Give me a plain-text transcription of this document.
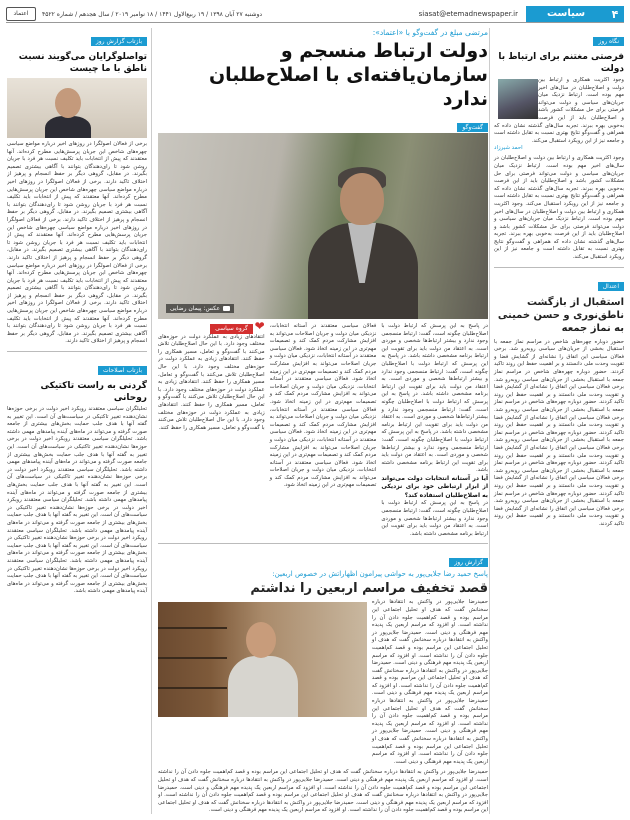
۴
سیاست
siasat@etemadnewspaper.ir
دوشنبه ۲۷ آبان ۱۳۹۸ / ۱۹ ربیع‌الاول ۱۴۴۱ / ۱۸ نوامبر ۲۰۱۹ / سال هجدهم / شماره ۴۵۲۲
اعتماد
نگاه روز
فرصتی مغتنم برای ارتباط با دولت
وجود اکثریت همکاری و ارتباط بین دولت و اصلاح‌طلبان در سال‌های اخیر مهم بوده است. ارتباط نزدیک میان جریان‌های سیاسی و دولت می‌تواند فرصتی برای حل مشکلات کشور باشد و اصلاح‌طلبان باید از این فرصت به‌خوبی بهره ببرند. تجربه سال‌های گذشته نشان داده که همراهی و گفت‌وگو نتایج بهتری نسبت به تقابل داشته است و جامعه نیز از این رویکرد استقبال می‌کند.
احمد شیرزاد
وجود اکثریت همکاری و ارتباط بین دولت و اصلاح‌طلبان در سال‌های اخیر مهم بوده است. ارتباط نزدیک میان جریان‌های سیاسی و دولت می‌تواند فرصتی برای حل مشکلات کشور باشد و اصلاح‌طلبان باید از این فرصت به‌خوبی بهره ببرند. تجربه سال‌های گذشته نشان داده که همراهی و گفت‌وگو نتایج بهتری نسبت به تقابل داشته است و جامعه نیز از این رویکرد استقبال می‌کند. وجود اکثریت همکاری و ارتباط بین دولت و اصلاح‌طلبان در سال‌های اخیر مهم بوده است. ارتباط نزدیک میان جریان‌های سیاسی و دولت می‌تواند فرصتی برای حل مشکلات کشور باشد و اصلاح‌طلبان باید از این فرصت به‌خوبی بهره ببرند. تجربه سال‌های گذشته نشان داده که همراهی و گفت‌وگو نتایج بهتری نسبت به تقابل داشته است و جامعه نیز از این رویکرد استقبال می‌کند.
اعتدال
استقبال از بازگشت ناطق‌نوری و حسن خمینی به نماز جمعه
حضور دوباره چهره‌های شاخص در مراسم نماز جمعه با استقبال بخشی از جریان‌های سیاسی روبه‌رو شد. برخی فعالان سیاسی این اتفاق را نشانه‌ای از گشایش فضا و تقویت وحدت ملی دانستند و بر اهمیت حفظ این روند تاکید کردند. حضور دوباره چهره‌های شاخص در مراسم نماز جمعه با استقبال بخشی از جریان‌های سیاسی روبه‌رو شد. برخی فعالان سیاسی این اتفاق را نشانه‌ای از گشایش فضا و تقویت وحدت ملی دانستند و بر اهمیت حفظ این روند تاکید کردند. حضور دوباره چهره‌های شاخص در مراسم نماز جمعه با استقبال بخشی از جریان‌های سیاسی روبه‌رو شد. برخی فعالان سیاسی این اتفاق را نشانه‌ای از گشایش فضا و تقویت وحدت ملی دانستند و بر اهمیت حفظ این روند تاکید کردند. حضور دوباره چهره‌های شاخص در مراسم نماز جمعه با استقبال بخشی از جریان‌های سیاسی روبه‌رو شد. برخی فعالان سیاسی این اتفاق را نشانه‌ای از گشایش فضا و تقویت وحدت ملی دانستند و بر اهمیت حفظ این روند تاکید کردند. حضور دوباره چهره‌های شاخص در مراسم نماز جمعه با استقبال بخشی از جریان‌های سیاسی روبه‌رو شد. برخی فعالان سیاسی این اتفاق را نشانه‌ای از گشایش فضا و تقویت وحدت ملی دانستند و بر اهمیت حفظ این روند تاکید کردند. حضور دوباره چهره‌های شاخص در مراسم نماز جمعه با استقبال بخشی از جریان‌های سیاسی روبه‌رو شد. برخی فعالان سیاسی این اتفاق را نشانه‌ای از گشایش فضا و تقویت وحدت ملی دانستند و بر اهمیت حفظ این روند تاکید کردند.
مرتضی مبلغ در گفت‌وگو با «اعتماد»:
دولت ارتباط منسجم و سازمان‌یافته‌ای با اصلاح‌طلبان ندارد
گفت‌وگو
عکس: پیمان رضایی
در پاسخ به این پرسش که ارتباط دولت با اصلاح‌طلبان چگونه است، گفت: ارتباط منسجمی وجود ندارد و بیشتر ارتباط‌ها شخصی و موردی است. به اعتقاد من دولت باید برای تقویت این ارتباط برنامه مشخصی داشته باشد. در پاسخ به این پرسش که ارتباط دولت با اصلاح‌طلبان چگونه است، گفت: ارتباط منسجمی وجود ندارد و بیشتر ارتباط‌ها شخصی و موردی است. به اعتقاد من دولت باید برای تقویت این ارتباط برنامه مشخصی داشته باشد. در پاسخ به این پرسش که ارتباط دولت با اصلاح‌طلبان چگونه است، گفت: ارتباط منسجمی وجود ندارد و بیشتر ارتباط‌ها شخصی و موردی است. به اعتقاد من دولت باید برای تقویت این ارتباط برنامه مشخصی داشته باشد. در پاسخ به این پرسش که ارتباط دولت با اصلاح‌طلبان چگونه است، گفت: ارتباط منسجمی وجود ندارد و بیشتر ارتباط‌ها شخصی و موردی است. به اعتقاد من دولت باید برای تقویت این ارتباط برنامه مشخصی داشته باشد.
آیا در آستانه انتخابات دولت می‌تواند از ابزار ارتباطی خود برای نزدیکی به اصلاح‌طلبان استفاده کند؟
در پاسخ به این پرسش که ارتباط دولت با اصلاح‌طلبان چگونه است، گفت: ارتباط منسجمی وجود ندارد و بیشتر ارتباط‌ها شخصی و موردی است. به اعتقاد من دولت باید برای تقویت این ارتباط برنامه مشخصی داشته باشد.
فعالان سیاسی معتقدند در آستانه انتخابات، نزدیکی میان دولت و جریان اصلاحات می‌تواند به افزایش مشارکت مردم کمک کند و تصمیمات مهم‌تری در این زمینه اتخاذ شود. فعالان سیاسی معتقدند در آستانه انتخابات، نزدیکی میان دولت و جریان اصلاحات می‌تواند به افزایش مشارکت مردم کمک کند و تصمیمات مهم‌تری در این زمینه اتخاذ شود. فعالان سیاسی معتقدند در آستانه انتخابات، نزدیکی میان دولت و جریان اصلاحات می‌تواند به افزایش مشارکت مردم کمک کند و تصمیمات مهم‌تری در این زمینه اتخاذ شود. فعالان سیاسی معتقدند در آستانه انتخابات، نزدیکی میان دولت و جریان اصلاحات می‌تواند به افزایش مشارکت مردم کمک کند و تصمیمات مهم‌تری در این زمینه اتخاذ شود. فعالان سیاسی معتقدند در آستانه انتخابات، نزدیکی میان دولت و جریان اصلاحات می‌تواند به افزایش مشارکت مردم کمک کند و تصمیمات مهم‌تری در این زمینه اتخاذ شود. فعالان سیاسی معتقدند در آستانه انتخابات، نزدیکی میان دولت و جریان اصلاحات می‌تواند به افزایش مشارکت مردم کمک کند و تصمیمات مهم‌تری در این زمینه اتخاذ شود.
❤ گروه سیاسی
انتقادهای زیادی به عملکرد دولت در حوزه‌های مختلف وجود دارد. با این حال اصلاح‌طلبان تلاش می‌کنند با گفت‌وگو و تعامل، مسیر همکاری را حفظ کنند. انتقادهای زیادی به عملکرد دولت در حوزه‌های مختلف وجود دارد. با این حال اصلاح‌طلبان تلاش می‌کنند با گفت‌وگو و تعامل، مسیر همکاری را حفظ کنند. انتقادهای زیادی به عملکرد دولت در حوزه‌های مختلف وجود دارد. با این حال اصلاح‌طلبان تلاش می‌کنند با گفت‌وگو و تعامل، مسیر همکاری را حفظ کنند. انتقادهای زیادی به عملکرد دولت در حوزه‌های مختلف وجود دارد. با این حال اصلاح‌طلبان تلاش می‌کنند با گفت‌وگو و تعامل، مسیر همکاری را حفظ کنند.
گزارش روز
پاسخ حمید رضا جلایی‌پور به حواشی پیرامون اظهاراتش در خصوص اربعین:
قصد تخفیف مراسم اربعین را نداشتم
حمیدرضا جلایی‌پور در واکنش به انتقادها درباره سخنانش گفت که هدف او تحلیل اجتماعی این مراسم بوده و قصد کم‌اهمیت جلوه دادن آن را نداشته است. او افزود که مراسم اربعین یک پدیده مهم فرهنگی و دینی است. حمیدرضا جلایی‌پور در واکنش به انتقادها درباره سخنانش گفت که هدف او تحلیل اجتماعی این مراسم بوده و قصد کم‌اهمیت جلوه دادن آن را نداشته است. او افزود که مراسم اربعین یک پدیده مهم فرهنگی و دینی است. حمیدرضا جلایی‌پور در واکنش به انتقادها درباره سخنانش گفت که هدف او تحلیل اجتماعی این مراسم بوده و قصد کم‌اهمیت جلوه دادن آن را نداشته است. او افزود که مراسم اربعین یک پدیده مهم فرهنگی و دینی است. حمیدرضا جلایی‌پور در واکنش به انتقادها درباره سخنانش گفت که هدف او تحلیل اجتماعی این مراسم بوده و قصد کم‌اهمیت جلوه دادن آن را نداشته است. او افزود که مراسم اربعین یک پدیده مهم فرهنگی و دینی است. حمیدرضا جلایی‌پور در واکنش به انتقادها درباره سخنانش گفت که هدف او تحلیل اجتماعی این مراسم بوده و قصد کم‌اهمیت جلوه دادن آن را نداشته است. او افزود که مراسم اربعین یک پدیده مهم فرهنگی و دینی است.
حمیدرضا جلایی‌پور در واکنش به انتقادها درباره سخنانش گفت که هدف او تحلیل اجتماعی این مراسم بوده و قصد کم‌اهمیت جلوه دادن آن را نداشته است. او افزود که مراسم اربعین یک پدیده مهم فرهنگی و دینی است. حمیدرضا جلایی‌پور در واکنش به انتقادها درباره سخنانش گفت که هدف او تحلیل اجتماعی این مراسم بوده و قصد کم‌اهمیت جلوه دادن آن را نداشته است. او افزود که مراسم اربعین یک پدیده مهم فرهنگی و دینی است. حمیدرضا جلایی‌پور در واکنش به انتقادها درباره سخنانش گفت که هدف او تحلیل اجتماعی این مراسم بوده و قصد کم‌اهمیت جلوه دادن آن را نداشته است. او افزود که مراسم اربعین یک پدیده مهم فرهنگی و دینی است. حمیدرضا جلایی‌پور در واکنش به انتقادها درباره سخنانش گفت که هدف او تحلیل اجتماعی این مراسم بوده و قصد کم‌اهمیت جلوه دادن آن را نداشته است. او افزود که مراسم اربعین یک پدیده مهم فرهنگی و دینی است.
بازتاب گزارش روز
تواصلوگرایان می‌گویند نسبت ناطق با ما چیست
برخی از فعالان اصولگرا در روزهای اخیر درباره مواضع سیاسی چهره‌های شاخص این جریان پرسش‌هایی مطرح کرده‌اند. آنها معتقدند که پیش از انتخابات باید تکلیف نسبت هر فرد با جریان روشن شود تا رای‌دهندگان بتوانند با آگاهی بیشتری تصمیم بگیرند. در مقابل، گروهی دیگر بر حفظ انسجام و پرهیز از اختلاف تاکید دارند. برخی از فعالان اصولگرا در روزهای اخیر درباره مواضع سیاسی چهره‌های شاخص این جریان پرسش‌هایی مطرح کرده‌اند. آنها معتقدند که پیش از انتخابات باید تکلیف نسبت هر فرد با جریان روشن شود تا رای‌دهندگان بتوانند با آگاهی بیشتری تصمیم بگیرند. در مقابل، گروهی دیگر بر حفظ انسجام و پرهیز از اختلاف تاکید دارند. برخی از فعالان اصولگرا در روزهای اخیر درباره مواضع سیاسی چهره‌های شاخص این جریان پرسش‌هایی مطرح کرده‌اند. آنها معتقدند که پیش از انتخابات باید تکلیف نسبت هر فرد با جریان روشن شود تا رای‌دهندگان بتوانند با آگاهی بیشتری تصمیم بگیرند. در مقابل، گروهی دیگر بر حفظ انسجام و پرهیز از اختلاف تاکید دارند. برخی از فعالان اصولگرا در روزهای اخیر درباره مواضع سیاسی چهره‌های شاخص این جریان پرسش‌هایی مطرح کرده‌اند. آنها معتقدند که پیش از انتخابات باید تکلیف نسبت هر فرد با جریان روشن شود تا رای‌دهندگان بتوانند با آگاهی بیشتری تصمیم بگیرند. در مقابل، گروهی دیگر بر حفظ انسجام و پرهیز از اختلاف تاکید دارند. برخی از فعالان اصولگرا در روزهای اخیر درباره مواضع سیاسی چهره‌های شاخص این جریان پرسش‌هایی مطرح کرده‌اند. آنها معتقدند که پیش از انتخابات باید تکلیف نسبت هر فرد با جریان روشن شود تا رای‌دهندگان بتوانند با آگاهی بیشتری تصمیم بگیرند. در مقابل، گروهی دیگر بر حفظ انسجام و پرهیز از اختلاف تاکید دارند.
بازتاب اصلاحات
گردنی به راست تاکتیکی روحانی
تحلیلگران سیاسی معتقدند رویکرد اخیر دولت در برخی حوزه‌ها نشان‌دهنده تغییر تاکتیکی در سیاست‌های آن است. این تغییر به گفته آنها با هدف جلب حمایت بخش‌های بیشتری از جامعه صورت گرفته و می‌تواند در ماه‌های آینده پیامدهای مهمی داشته باشد. تحلیلگران سیاسی معتقدند رویکرد اخیر دولت در برخی حوزه‌ها نشان‌دهنده تغییر تاکتیکی در سیاست‌های آن است. این تغییر به گفته آنها با هدف جلب حمایت بخش‌های بیشتری از جامعه صورت گرفته و می‌تواند در ماه‌های آینده پیامدهای مهمی داشته باشد. تحلیلگران سیاسی معتقدند رویکرد اخیر دولت در برخی حوزه‌ها نشان‌دهنده تغییر تاکتیکی در سیاست‌های آن است. این تغییر به گفته آنها با هدف جلب حمایت بخش‌های بیشتری از جامعه صورت گرفته و می‌تواند در ماه‌های آینده پیامدهای مهمی داشته باشد. تحلیلگران سیاسی معتقدند رویکرد اخیر دولت در برخی حوزه‌ها نشان‌دهنده تغییر تاکتیکی در سیاست‌های آن است. این تغییر به گفته آنها با هدف جلب حمایت بخش‌های بیشتری از جامعه صورت گرفته و می‌تواند در ماه‌های آینده پیامدهای مهمی داشته باشد. تحلیلگران سیاسی معتقدند رویکرد اخیر دولت در برخی حوزه‌ها نشان‌دهنده تغییر تاکتیکی در سیاست‌های آن است. این تغییر به گفته آنها با هدف جلب حمایت بخش‌های بیشتری از جامعه صورت گرفته و می‌تواند در ماه‌های آینده پیامدهای مهمی داشته باشد. تحلیلگران سیاسی معتقدند رویکرد اخیر دولت در برخی حوزه‌ها نشان‌دهنده تغییر تاکتیکی در سیاست‌های آن است. این تغییر به گفته آنها با هدف جلب حمایت بخش‌های بیشتری از جامعه صورت گرفته و می‌تواند در ماه‌های آینده پیامدهای مهمی داشته باشد.
